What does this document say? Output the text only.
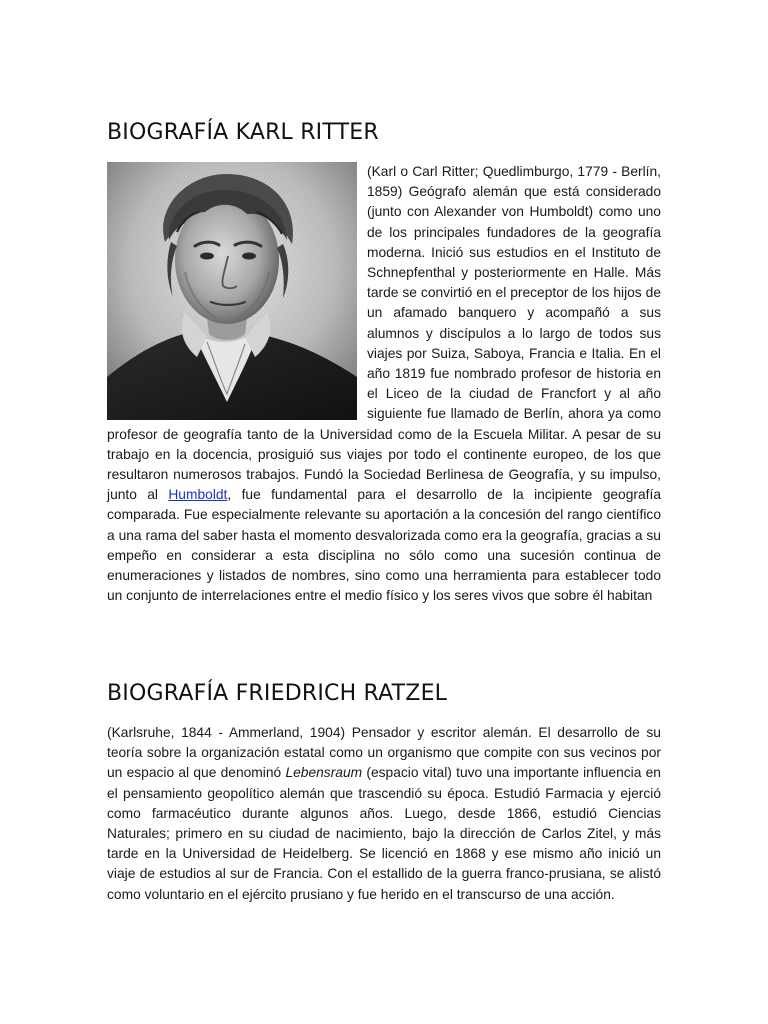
BIOGRAFÍA KARL RITTER

(Karl o Carl Ritter; Quedlimburgo, 1779 - Berlín, 1859) Geógrafo alemán que está considerado (junto con Alexander von Humboldt) como uno de los principales fundadores de la geografía moderna. Inició sus estudios en el Instituto de Schnepfenthal y posteriormente en Halle. Más tarde se convirtió en el preceptor de los hijos de un afamado banquero y acompañó a sus alumnos y discípulos a lo largo de todos sus viajes por Suiza, Saboya, Francia e Italia. En el año 1819 fue nombrado profesor de historia en el Liceo de la ciudad de Francfort y al año siguiente fue llamado de Berlín, ahora ya como profesor de geografía tanto de la Universidad como de la Escuela Militar. A pesar de su trabajo en la docencia, prosiguió sus viajes por todo el continente europeo, de los que resultaron numerosos trabajos. Fundó la Sociedad Berlinesa de Geografía, y su impulso, junto al Humboldt, fue fundamental para el desarrollo de la incipiente geografía comparada. Fue especialmente relevante su aportación a la concesión del rango científico a una rama del saber hasta el momento desvalorizada como era la geografía, gracias a su empeño en considerar a esta disciplina no sólo como una sucesión continua de enumeraciones y listados de nombres, sino como una herramienta para establecer todo un conjunto de interrelaciones entre el medio físico y los seres vivos que sobre él habitan

BIOGRAFÍA FRIEDRICH RATZEL

(Karlsruhe, 1844 - Ammerland, 1904) Pensador y escritor alemán. El desarrollo de su teoría sobre la organización estatal como un organismo que compite con sus vecinos por un espacio al que denominó Lebensraum (espacio vital) tuvo una importante influencia en el pensamiento geopolítico alemán que trascendió su época. Estudió Farmacia y ejerció como farmacéutico durante algunos años. Luego, desde 1866, estudió Ciencias Naturales; primero en su ciudad de nacimiento, bajo la dirección de Carlos Zitel, y más tarde en la Universidad de Heidelberg. Se licenció en 1868 y ese mismo año inició un viaje de estudios al sur de Francia. Con el estallido de la guerra franco-prusiana, se alistó como voluntario en el ejército prusiano y fue herido en el transcurso de una acción.
